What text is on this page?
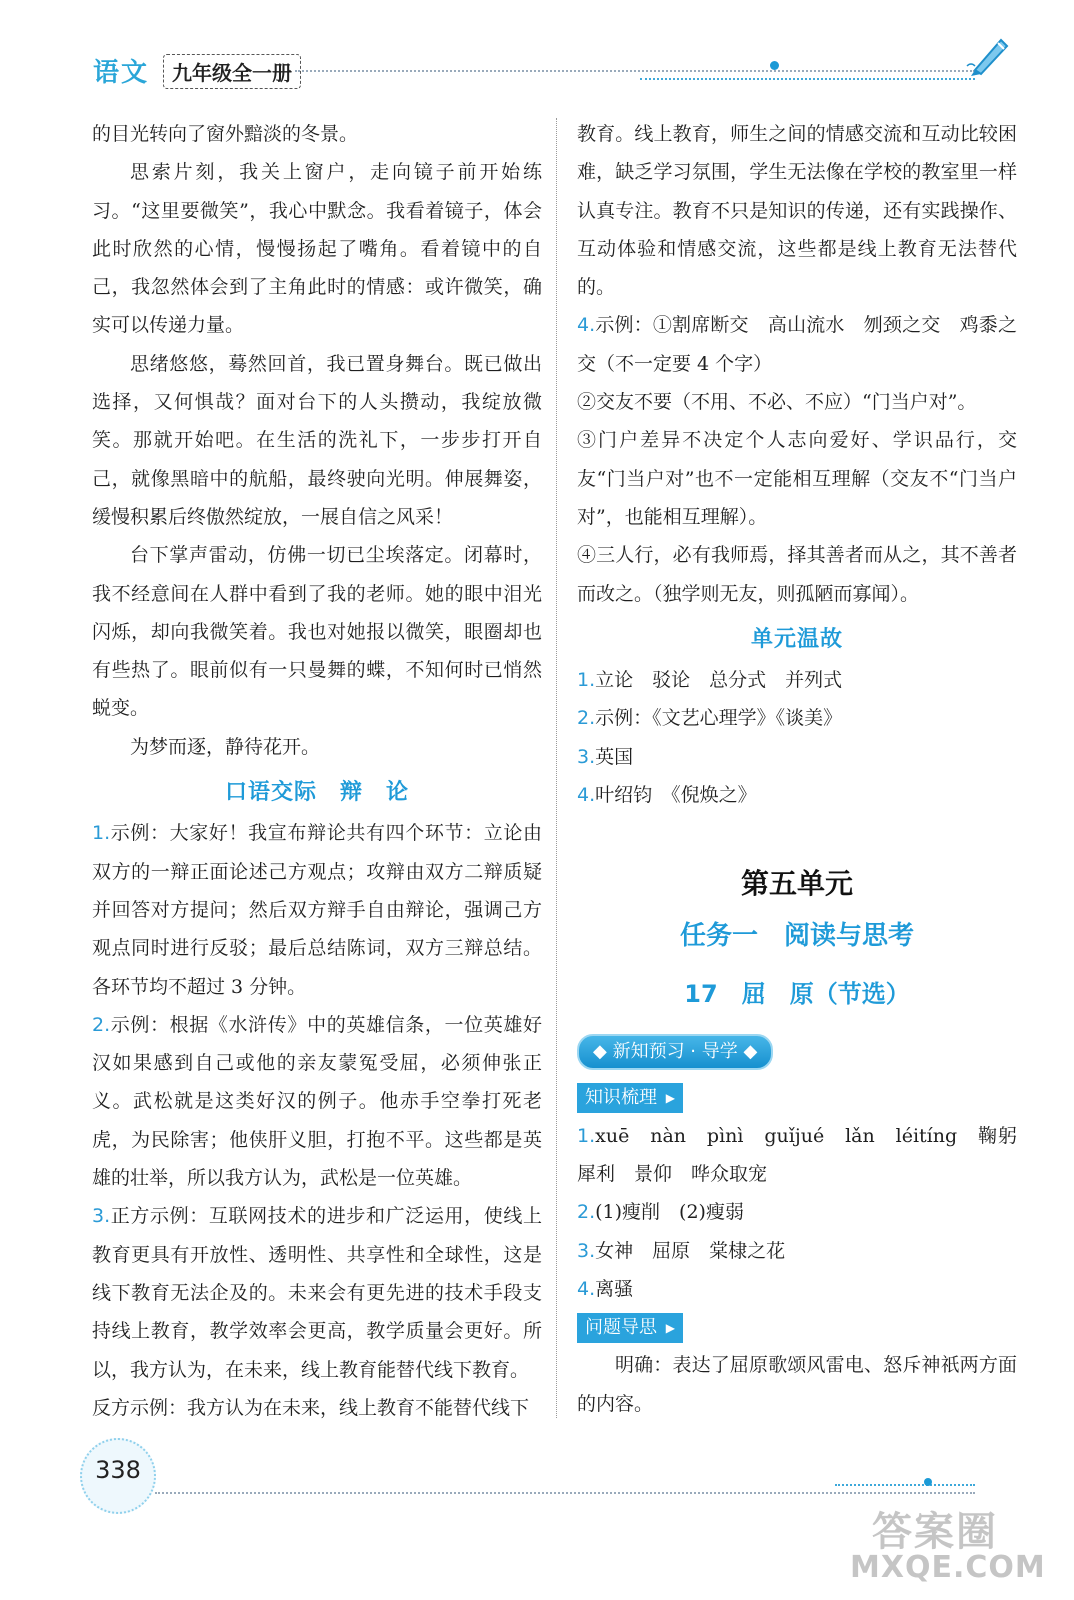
语文	九年级全一册

的目光转向了窗外黯淡的冬景。

思索片刻，我关上窗户，走向镜子前开始练习。“这里要微笑”，我心中默念。我看着镜子，体会此时欣然的心情，慢慢扬起了嘴角。看着镜中的自己，我忽然体会到了主角此时的情感：或许微笑，确实可以传递力量。

思绪悠悠，蓦然回首，我已置身舞台。既已做出选择，又何惧哉？面对台下的人头攒动，我绽放微笑。那就开始吧。在生活的洗礼下，一步步打开自己，就像黑暗中的航船，最终驶向光明。伸展舞姿，缓慢积累后终傲然绽放，一展自信之风采！

台下掌声雷动，仿佛一切已尘埃落定。闭幕时，我不经意间在人群中看到了我的老师。她的眼中泪光闪烁，却向我微笑着。我也对她报以微笑，眼圈却也有些热了。眼前似有一只曼舞的蝶，不知何时已悄然蜕变。

为梦而逐，静待花开。

口语交际　辩　论

1.示例：大家好！我宣布辩论共有四个环节：立论由双方的一辩正面论述己方观点；攻辩由双方二辩质疑并回答对方提问；然后双方辩手自由辩论，强调己方观点同时进行反驳；最后总结陈词，双方三辩总结。各环节均不超过 3 分钟。

2.示例：根据《水浒传》中的英雄信条，一位英雄好汉如果感到自己或他的亲友蒙冤受屈，必须伸张正义。武松就是这类好汉的例子。他赤手空拳打死老虎，为民除害；他侠肝义胆，打抱不平。这些都是英雄的壮举，所以我方认为，武松是一位英雄。

3.正方示例：互联网技术的进步和广泛运用，使线上教育更具有开放性、透明性、共享性和全球性，这是线下教育无法企及的。未来会有更先进的技术手段支持线上教育，教学效率会更高，教学质量会更好。所以，我方认为，在未来，线上教育能替代线下教育。

反方示例：我方认为在未来，线上教育不能替代线下

教育。线上教育，师生之间的情感交流和互动比较困难，缺乏学习氛围，学生无法像在学校的教室里一样认真专注。教育不只是知识的传递，还有实践操作、互动体验和情感交流，这些都是线上教育无法替代的。

4.示例：①割席断交　高山流水　刎颈之交　鸡黍之交（不一定要 4 个字）

②交友不要（不用、不必、不应）“门当户对”。

③门户差异不决定个人志向爱好、学识品行，交友“门当户对”也不一定能相互理解（交友不“门当户对”，也能相互理解）。

④三人行，必有我师焉，择其善者而从之，其不善者而改之。（独学则无友，则孤陋而寡闻）。

单元温故

1.立论　驳论　总分式　并列式

2.示例：《文艺心理学》《谈美》

3.英国

4.叶绍钧　《倪焕之》

第五单元
任务一　阅读与思考
17　屈　原（节选）
◆ 新知预习 · 导学 ◆
知识梳理 ▶

1.xuē　nàn　pìnì　guǐjué　lǎn　léitíng　鞠躬　犀利　景仰　哗众取宠

2.(1)瘦削　(2)瘦弱

3.女神　屈原　棠棣之花

4.离骚

问题导思 ▶

明确：表达了屈原歌颂风雷电、怒斥神祇两方面的内容。

338
答案圈
MXQE.COM
